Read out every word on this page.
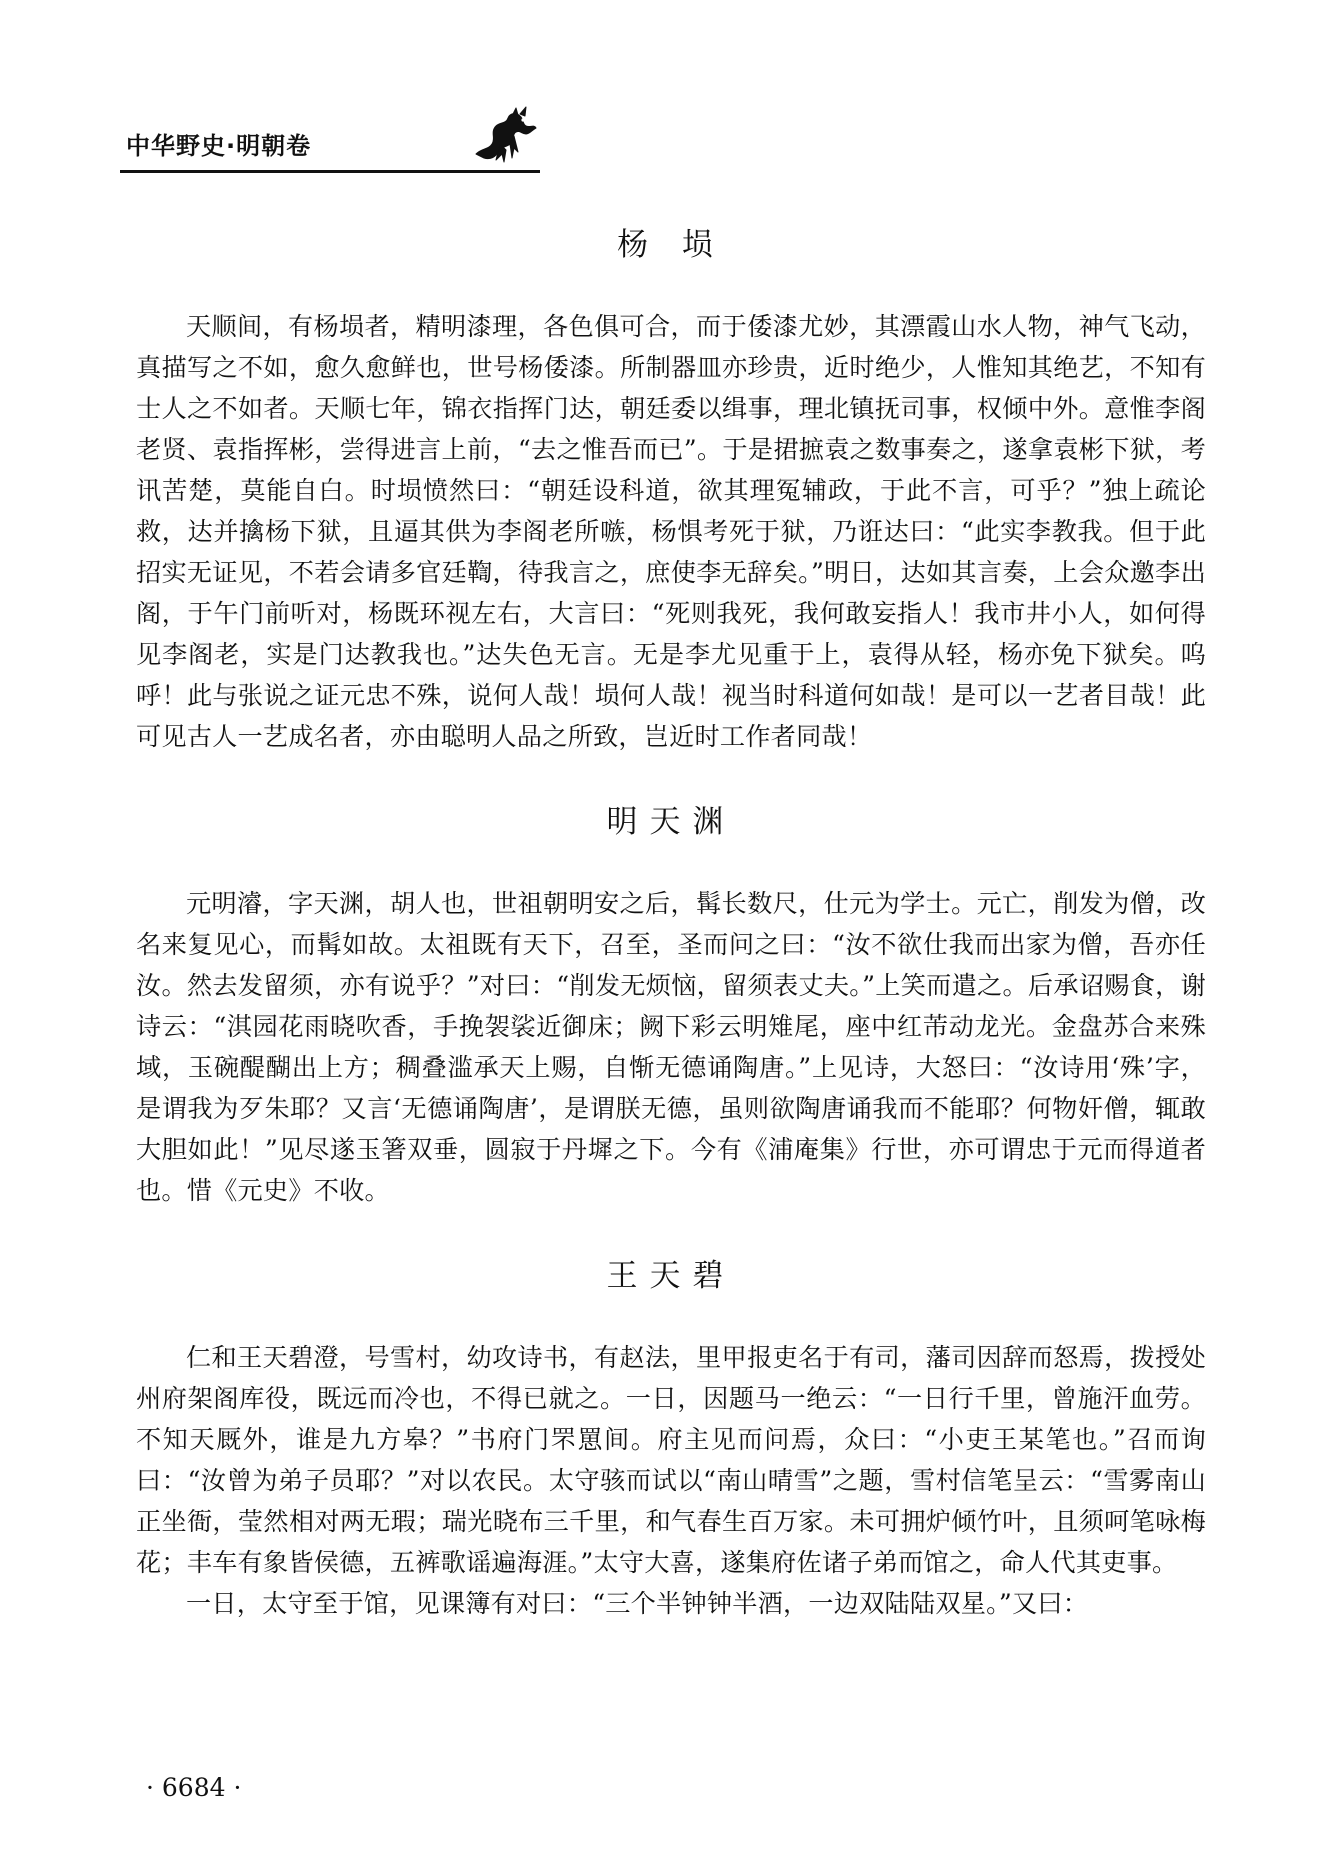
中华野史·明朝卷
杨 埙

天顺间，有杨埙者，精明漆理，各色俱可合，而于倭漆尤妙，其漂霞山水人物，神气飞动，真描写之不如，愈久愈鲜也，世号杨倭漆。所制器皿亦珍贵，近时绝少，人惟知其绝艺，不知有士人之不如者。天顺七年，锦衣指挥门达，朝廷委以缉事，理北镇抚司事，权倾中外。意惟李阁老贤、袁指挥彬，尝得进言上前，“去之惟吾而已”。于是捃摭袁之数事奏之，遂拿袁彬下狱，考讯苦楚，莫能自白。时埙愤然曰：“朝廷设科道，欲其理冤辅政，于此不言，可乎？”独上疏论救，达并擒杨下狱，且逼其供为李阁老所嗾，杨惧考死于狱，乃诳达曰：“此实李教我。但于此招实无证见，不若会请多官廷鞫，待我言之，庶使李无辞矣。”明日，达如其言奏，上会众邀李出阁，于午门前听对，杨既环视左右，大言曰：“死则我死，我何敢妄指人！我市井小人，如何得见李阁老，实是门达教我也。”达失色无言。无是李尤见重于上，袁得从轻，杨亦免下狱矣。呜呼！此与张说之证元忠不殊，说何人哉！埙何人哉！视当时科道何如哉！是可以一艺者目哉！此可见古人一艺成名者，亦由聪明人品之所致，岂近时工作者同哉！

明天渊

元明濬，字天渊，胡人也，世祖朝明安之后，髯长数尺，仕元为学士。元亡，削发为僧，改名来复见心，而髯如故。太祖既有天下，召至，圣而问之曰：“汝不欲仕我而出家为僧，吾亦任汝。然去发留须，亦有说乎？”对曰：“削发无烦恼，留须表丈夫。”上笑而遣之。后承诏赐食，谢诗云：“淇园花雨晓吹香，手挽袈裟近御床；阙下彩云明雉尾，座中红芾动龙光。金盘苏合来殊域，玉碗醍醐出上方；稠叠滥承天上赐，自惭无德诵陶唐。”上见诗，大怒曰：“汝诗用‘殊’字，是谓我为歹朱耶？又言‘无德诵陶唐’，是谓朕无德，虽则欲陶唐诵我而不能耶？何物奸僧，辄敢大胆如此！”见尽遂玉箸双垂，圆寂于丹墀之下。今有《浦庵集》行世，亦可谓忠于元而得道者也。惜《元史》不收。

王天碧

仁和王天碧澄，号雪村，幼攻诗书，有赵法，里甲报吏名于有司，藩司因辞而怒焉，拨授处州府架阁库役，既远而冷也，不得已就之。一日，因题马一绝云：“一日行千里，曾施汗血劳。不知天厩外，谁是九方皋？”书府门罘罳间。府主见而问焉，众曰：“小吏王某笔也。”召而询曰：“汝曾为弟子员耶？”对以农民。太守骇而试以“南山晴雪”之题，雪村信笔呈云：“雪雾南山正坐衙，莹然相对两无瑕；瑞光晓布三千里，和气春生百万家。未可拥炉倾竹叶，且须呵笔咏梅花；丰车有象皆侯德，五裤歌谣遍海涯。”太守大喜，遂集府佐诸子弟而馆之，命人代其吏事。

一日，太守至于馆，见课簿有对曰：“三个半钟钟半酒，一边双陆陆双星。”又曰：

· 6684 ·
